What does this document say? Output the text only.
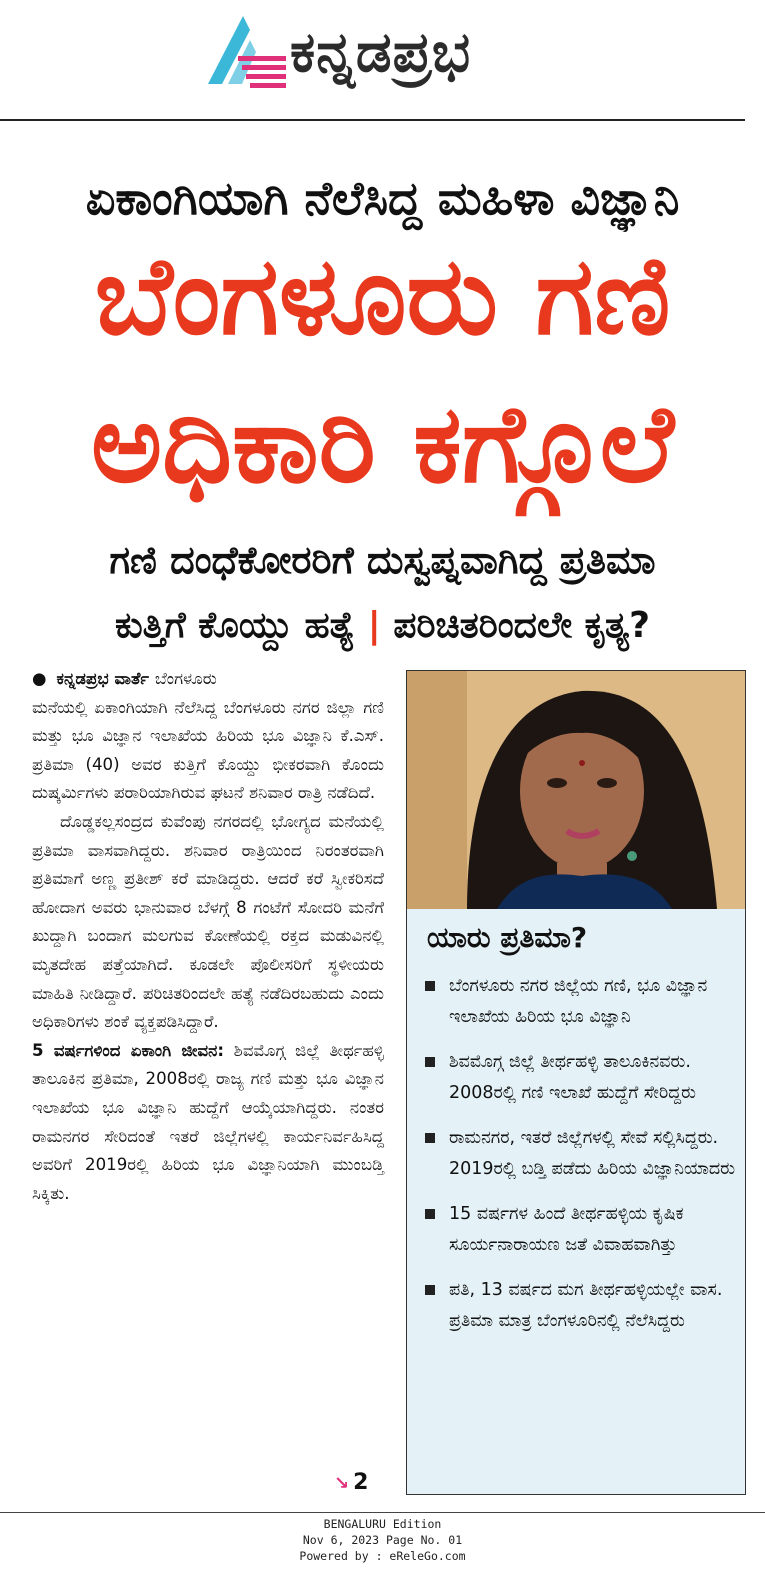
ಕನ್ನಡಪ್ರಭ
ಏಕಾಂಗಿಯಾಗಿ ನೆಲೆಸಿದ್ದ ಮಹಿಳಾ ವಿಜ್ಞಾನಿ
ಬೆಂಗಳೂರು ಗಣಿ
ಅಧಿಕಾರಿ ಕಗ್ಗೊಲೆ
ಗಣಿ ದಂಧೆಕೋರರಿಗೆ ದುಸ್ವಪ್ನವಾಗಿದ್ದ ಪ್ರತಿಮಾ
ಕುತ್ತಿಗೆ ಕೊಯ್ದು ಹತ್ಯೆ | ಪರಿಚಿತರಿಂದಲೇ ಕೃತ್ಯ?

● ಕನ್ನಡಪ್ರಭ ವಾರ್ತೆ ಬೆಂಗಳೂರು

ಮನೆಯಲ್ಲಿ ಏಕಾಂಗಿಯಾಗಿ ನೆಲೆಸಿದ್ದ ಬೆಂಗಳೂರು ನಗರ ಜಿಲ್ಲಾ ಗಣಿ ಮತ್ತು ಭೂ ವಿಜ್ಞಾನ ಇಲಾಖೆಯ ಹಿರಿಯ ಭೂ ವಿಜ್ಞಾನಿ ಕೆ.ಎಸ್. ಪ್ರತಿಮಾ (40) ಅವರ ಕುತ್ತಿಗೆ ಕೊಯ್ದು ಭೀಕರವಾಗಿ ಕೊಂದು ದುಷ್ಕರ್ಮಿಗಳು ಪರಾರಿಯಾಗಿರುವ ಘಟನೆ ಶನಿವಾರ ರಾತ್ರಿ ನಡೆದಿದೆ.

ದೊಡ್ಡಕಲ್ಲಸಂದ್ರದ ಕುವೆಂಪು ನಗರದಲ್ಲಿ ಭೋಗ್ಯದ ಮನೆಯಲ್ಲಿ ಪ್ರತಿಮಾ ವಾಸವಾಗಿದ್ದರು. ಶನಿವಾರ ರಾತ್ರಿಯಿಂದ ನಿರಂತರವಾಗಿ ಪ್ರತಿಮಾಗೆ ಅಣ್ಣ ಪ್ರತೀಶ್ ಕರೆ ಮಾಡಿದ್ದರು. ಆದರೆ ಕರೆ ಸ್ವೀಕರಿಸದೆ ಹೋದಾಗ ಅವರು ಭಾನುವಾರ ಬೆಳಗ್ಗೆ 8 ಗಂಟೆಗೆ ಸೋದರಿ ಮನೆಗೆ ಖುದ್ದಾಗಿ ಬಂದಾಗ ಮಲಗುವ ಕೋಣೆಯಲ್ಲಿ ರಕ್ತದ ಮಡುವಿನಲ್ಲಿ ಮೃತದೇಹ ಪತ್ತೆಯಾಗಿದೆ. ಕೂಡಲೇ ಪೊಲೀಸರಿಗೆ ಸ್ಥಳೀಯರು ಮಾಹಿತಿ ನೀಡಿದ್ದಾರೆ. ಪರಿಚಿತರಿಂದಲೇ ಹತ್ಯೆ ನಡೆದಿರಬಹುದು ಎಂದು ಅಧಿಕಾರಿಗಳು ಶಂಕೆ ವ್ಯಕ್ತಪಡಿಸಿದ್ದಾರೆ.

5 ವರ್ಷಗಳಿಂದ ಏಕಾಂಗಿ ಜೀವನ: ಶಿವಮೊಗ್ಗ ಜಿಲ್ಲೆ ತೀರ್ಥಹಳ್ಳಿ ತಾಲೂಕಿನ ಪ್ರತಿಮಾ, 2008ರಲ್ಲಿ ರಾಜ್ಯ ಗಣಿ ಮತ್ತು ಭೂ ವಿಜ್ಞಾನ ಇಲಾಖೆಯ ಭೂ ವಿಜ್ಞಾನಿ ಹುದ್ದೆಗೆ ಆಯ್ಕೆಯಾಗಿದ್ದರು. ನಂತರ ರಾಮನಗರ ಸೇರಿದಂತೆ ಇತರೆ ಜಿಲ್ಲೆಗಳಲ್ಲಿ ಕಾರ್ಯನಿರ್ವಹಿಸಿದ್ದ ಅವರಿಗೆ 2019ರಲ್ಲಿ ಹಿರಿಯ ಭೂ ವಿಜ್ಞಾನಿಯಾಗಿ ಮುಂಬಡ್ತಿ ಸಿಕ್ಕಿತು.

↘ 2
ಯಾರು ಪ್ರತಿಮಾ?
ಬೆಂಗಳೂರು ನಗರ ಜಿಲ್ಲೆಯ ಗಣಿ, ಭೂ ವಿಜ್ಞಾನ ಇಲಾಖೆಯ ಹಿರಿಯ ಭೂ ವಿಜ್ಞಾನಿ
ಶಿವಮೊಗ್ಗ ಜಿಲ್ಲೆ ತೀರ್ಥಹಳ್ಳಿ ತಾಲೂಕಿನವರು. 2008ರಲ್ಲಿ ಗಣಿ ಇಲಾಖೆ ಹುದ್ದೆಗೆ ಸೇರಿದ್ದರು
ರಾಮನಗರ, ಇತರೆ ಜಿಲ್ಲೆಗಳಲ್ಲಿ ಸೇವೆ ಸಲ್ಲಿಸಿದ್ದರು. 2019ರಲ್ಲಿ ಬಡ್ತಿ ಪಡೆದು ಹಿರಿಯ ವಿಜ್ಞಾನಿಯಾದರು
15 ವರ್ಷಗಳ ಹಿಂದೆ ತೀರ್ಥಹಳ್ಳಿಯ ಕೃಷಿಕ ಸೂರ್ಯನಾರಾಯಣ ಜತೆ ವಿವಾಹವಾಗಿತ್ತು
ಪತಿ, 13 ವರ್ಷದ ಮಗ ತೀರ್ಥಹಳ್ಳಿಯಲ್ಲೇ ವಾಸ. ಪ್ರತಿಮಾ ಮಾತ್ರ ಬೆಂಗಳೂರಿನಲ್ಲಿ ನೆಲೆಸಿದ್ದರು
BENGALURU Edition
Nov 6, 2023 Page No. 01
Powered by : eReleGo.com
